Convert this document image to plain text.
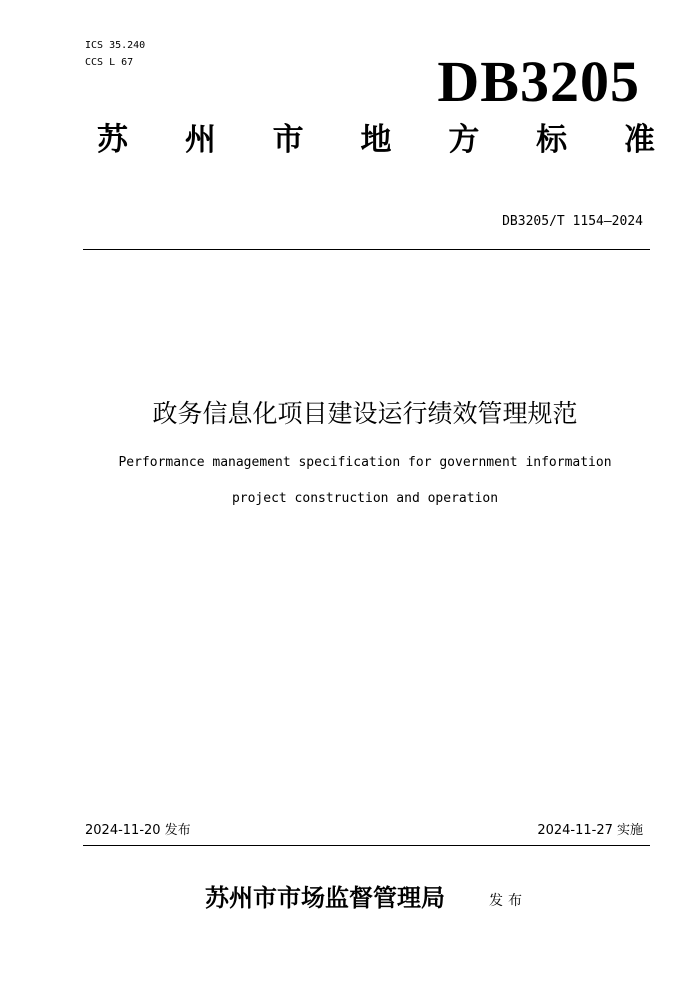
ICS 35.240
CCS L 67	DB3205
苏 州 市 地 方 标 准
DB3205/T 1154—2024
政务信息化项目建设运行绩效管理规范
Performance management specification for government information
project construction and operation
2024-11-20 发布	2024-11-27 实施
苏州市市场监督管理局	发布
